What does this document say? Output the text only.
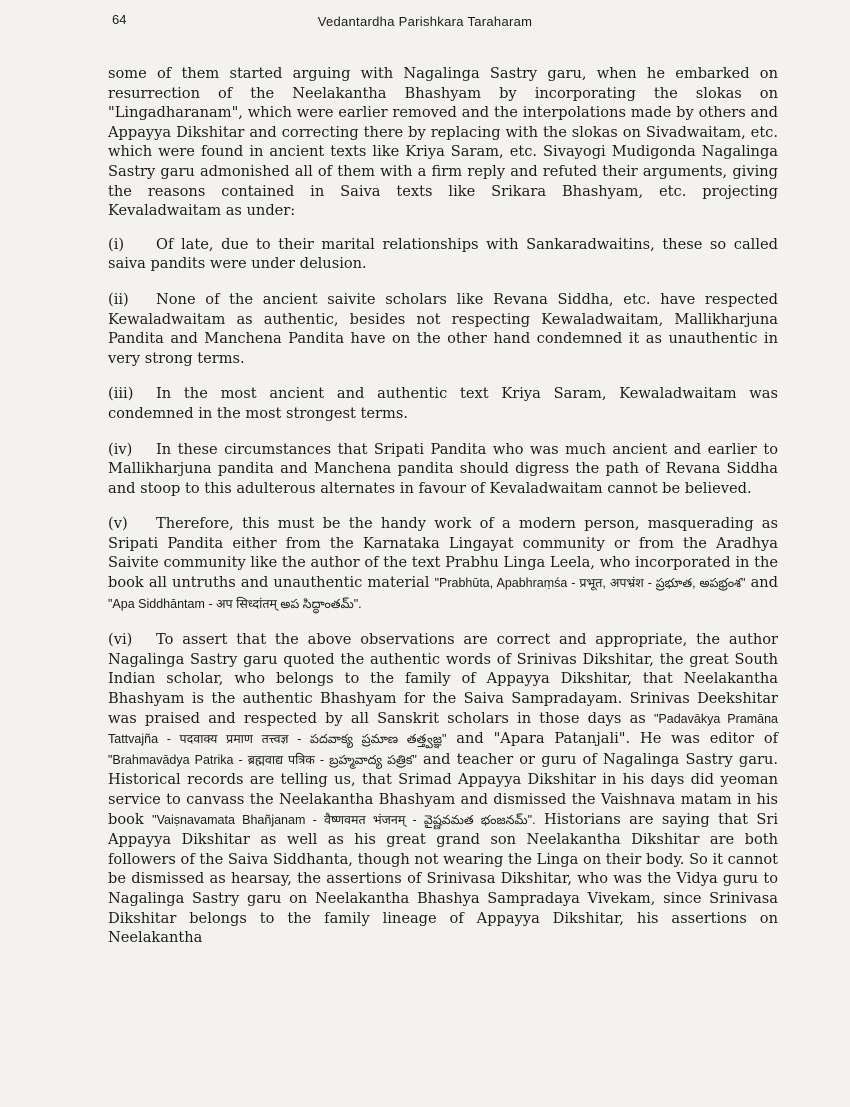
64	Vedantardha Parishkara Taraharam

some of them started arguing with Nagalinga Sastry garu, when he embarked on resurrection of the Neelakantha Bhashyam by incorporating the slokas on "Lingadharanam", which were earlier removed and the interpolations made by others and Appayya Dikshitar and correcting there by replacing with the slokas on Sivadwaitam, etc. which were found in ancient texts like Kriya Saram, etc. Sivayogi Mudigonda Nagalinga Sastry garu admonished all of them with a firm reply and refuted their arguments, giving the reasons contained in Saiva texts like Srikara Bhashyam, etc. projecting Kevaladwaitam as under:

(i) Of late, due to their marital relationships with Sankaradwaitins, these so called saiva pandits were under delusion.

(ii) None of the ancient saivite scholars like Revana Siddha, etc. have respected Kewaladwaitam as authentic, besides not respecting Kewaladwaitam, Mallikharjuna Pandita and Manchena Pandita have on the other hand condemned it as unauthentic in very strong terms.

(iii) In the most ancient and authentic text Kriya Saram, Kewaladwaitam was condemned in the most strongest terms.

(iv) In these circumstances that Sripati Pandita who was much ancient and earlier to Mallikharjuna pandita and Manchena pandita should digress the path of Revana Siddha and stoop to this adulterous alternates in favour of Kevaladwaitam cannot be believed.

(v) Therefore, this must be the handy work of a modern person, masquerading as Sripati Pandita either from the Karnataka Lingayat community or from the Aradhya Saivite community like the author of the text Prabhu Linga Leela, who incorporated in the book all untruths and unauthentic material "Prabhūta, Apabhraṃśa - प्रभूत, अपभ्रंश - ప్రభూత, అపభ్రంశ" and "Apa Siddhāntam - अप सिध्दांतम् అప సిద్ధాంతమ్".

(vi) To assert that the above observations are correct and appropriate, the author Nagalinga Sastry garu quoted the authentic words of Srinivas Dikshitar, the great South Indian scholar, who belongs to the family of Appayya Dikshitar, that Neelakantha Bhashyam is the authentic Bhashyam for the Saiva Sampradayam. Srinivas Deekshitar was praised and respected by all Sanskrit scholars in those days as "Padavākya Pramāna Tattvajña - पदवाक्य प्रमाण तत्त्वज्ञ - పదవాక్య ప్రమాణ తత్త్వజ్ఞ" and "Apara Patanjali". He was editor of "Brahmavādya Patrika - ब्रह्मवाद्य पत्रिक - బ్రహ్మవాద్య పత్రిక" and teacher or guru of Nagalinga Sastry garu. Historical records are telling us, that Srimad Appayya Dikshitar in his days did yeoman service to canvass the Neelakantha Bhashyam and dismissed the Vaishnava matam in his book "Vaiṣnavamata Bhañjanam - वैष्णवमत भंजनम् - వైష్ణవమత భంజనమ్". Historians are saying that Sri Appayya Dikshitar as well as his great grand son Neelakantha Dikshitar are both followers of the Saiva Siddhanta, though not wearing the Linga on their body. So it cannot be dismissed as hearsay, the assertions of Srinivasa Dikshitar, who was the Vidya guru to Nagalinga Sastry garu on Neelakantha Bhashya Sampradaya Vivekam, since Srinivasa Dikshitar belongs to the family lineage of Appayya Dikshitar, his assertions on Neelakantha
